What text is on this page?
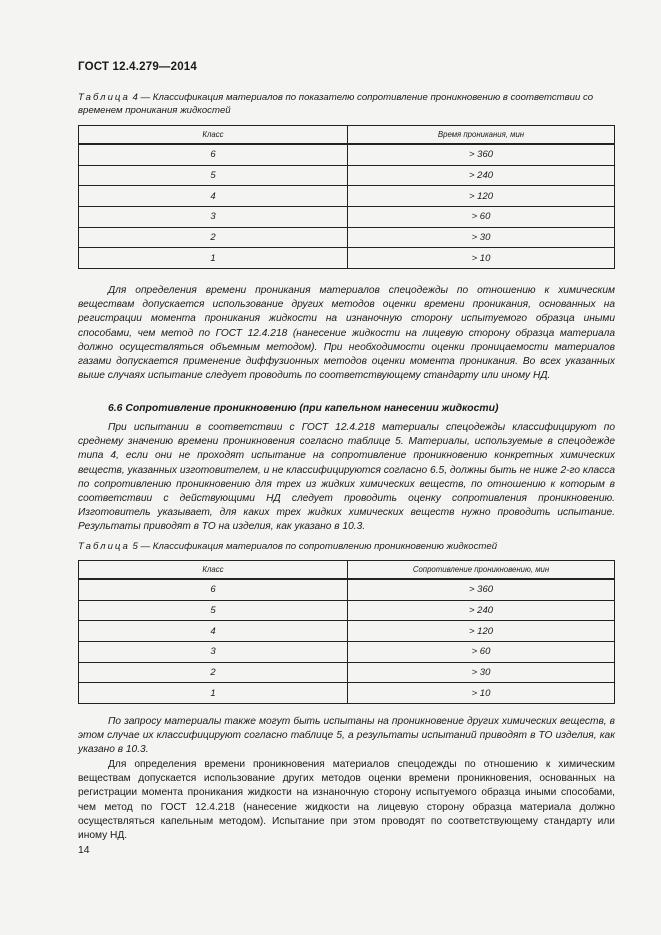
ГОСТ 12.4.279—2014
Таблица 4 — Классификация материалов по показателю сопротивление проникновению в соответствии со временем проникания жидкостей
Класс	Время проникания, мин
6	> 360
5	> 240
4	> 120
3	> 60
2	> 30
1	> 10

Для определения времени проникания материалов спецодежды по отношению к химическим веществам допускается использование других методов оценки времени проникания, основанных на регистрации момента проникания жидкости на изнаночную сторону испытуемого образца иными способами, чем метод по ГОСТ 12.4.218 (нанесение жидкости на лицевую сторону образца материала должно осуществляться объемным методом). При необходимости оценки проницаемости материалов газами допускается применение диффузионных методов оценки момента проникания. Во всех указанных выше случаях испытание следует проводить по соответствующему стандарту или иному НД.

6.6 Сопротивление проникновению (при капельном нанесении жидкости)

При испытании в соответствии с ГОСТ 12.4.218 материалы спецодежды классифицируют по среднему значению времени проникновения согласно таблице 5. Материалы, используемые в спецодежде типа 4, если они не проходят испытание на сопротивление проникновению конкретных химических веществ, указанных изготовителем, и не классифицируются согласно 6.5, должны быть не ниже 2-го класса по сопротивлению проникновению для трех из жидких химических веществ, по отношению к которым в соответствии с действующими НД следует проводить оценку сопротивления проникновению. Изготовитель указывает, для каких трех жидких химических веществ нужно проводить испытание. Результаты приводят в ТО на изделия, как указано в 10.3.

Таблица 5 — Классификация материалов по сопротивлению проникновению жидкостей
Класс	Сопротивление проникновению, мин
6	> 360
5	> 240
4	> 120
3	> 60
2	> 30
1	> 10

По запросу материалы также могут быть испытаны на проникновение других химических веществ, в этом случае их классифицируют согласно таблице 5, а результаты испытаний приводят в ТО изделия, как указано в 10.3.

Для определения времени проникновения материалов спецодежды по отношению к химическим веществам допускается использование других методов оценки времени проникновения, основанных на регистрации момента проникания жидкости на изнаночную сторону испытуемого образца иными способами, чем метод по ГОСТ 12.4.218 (нанесение жидкости на лицевую сторону образца материала должно осуществляться капельным методом). Испытание при этом проводят по соответствующему стандарту или иному НД.

14
